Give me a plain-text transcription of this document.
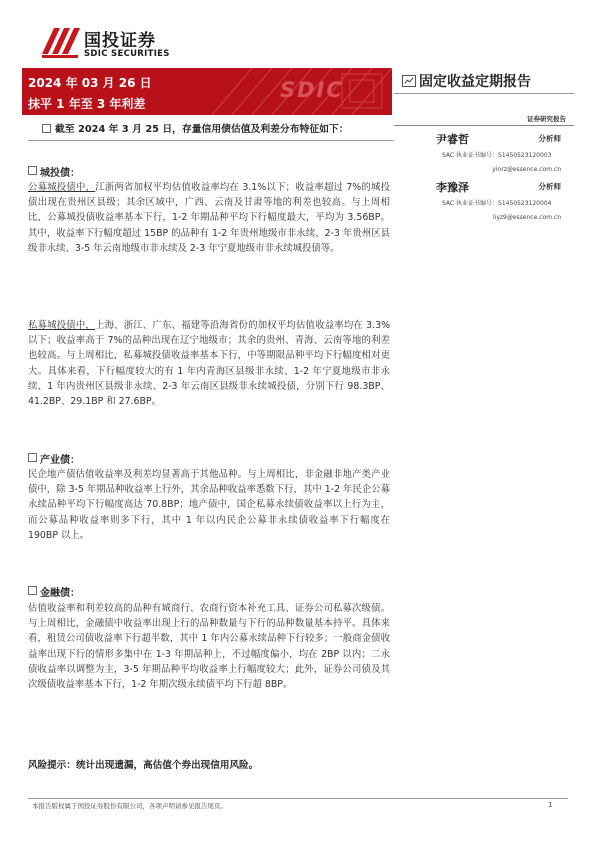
国投证券
SDIC SECURITIES
SDIC
2024 年 03 月 26 日
抹平 1 年至 3 年利差
固定收益定期报告
证券研究报告
尹睿哲	分析师
SAC 执业证书编号：S1450523120003
yinrz@essence.com.cn
李豫泽	分析师
SAC 执业证书编号：S1450523120004
liyz9@essence.com.cn
截至 2024 年 3 月 25 日，存量信用债估值及利差分布特征如下：
城投债：

公募城投债中，江浙两省加权平均估值收益率均在 3.1%以下；收益率超过 7%的城投债出现在贵州区县级；其余区域中，广西、云南及甘肃等地的利差也较高。与上周相比，公募城投债收益率基本下行，1-2 年期品种平均下行幅度最大，平均为 3.56BP。其中，收益率下行幅度超过 15BP 的品种有 1-2 年贵州地级市非永续、2-3 年贵州区县级非永续、3-5 年云南地级市非永续及 2-3 年宁夏地级市非永续城投债等。

私募城投债中，上海、浙江、广东、福建等沿海省份的加权平均估值收益率均在 3.3%以下；收益率高于 7%的品种出现在辽宁地级市；其余的贵州、青海、云南等地的利差也较高。与上周相比，私募城投债收益率基本下行，中等期限品种平均下行幅度相对更大。具体来看，下行幅度较大的有 1 年内青海区县级非永续、1-2 年宁夏地级市非永续、1 年内贵州区县级非永续、2-3 年云南区县级非永续城投债，分别下行 98.3BP、41.2BP、29.1BP 和 27.6BP。

产业债：

民企地产债估值收益率及利差均显著高于其他品种。与上周相比，非金融非地产类产业债中，除 3-5 年期品种收益率上行外，其余品种收益率悉数下行，其中 1-2 年民企公募永续品种平均下行幅度高达 70.8BP；地产债中，国企私募永续债收益率以上行为主，而公募品种收益率则多下行，其中 1 年以内民企公募非永续债收益率下行幅度在 190BP 以上。

金融债：

估值收益率和利差较高的品种有城商行、农商行资本补充工具、证券公司私募次级债。与上周相比，金融债中收益率出现上行的品种数量与下行的品种数量基本持平。具体来看，租赁公司债收益率下行超半数，其中 1 年内公募永续品种下行较多；一般商金债收益率出现下行的情形多集中在 1-3 年期品种上，不过幅度偏小，均在 2BP 以内；二永债收益率以调整为主，3-5 年期品种平均收益率上行幅度较大；此外，证券公司债及其次级债收益率基本下行，1-2 年期次级永续债平均下行超 8BP。

风险提示：统计出现遗漏，高估值个券出现信用风险。
本报告版权属于国投证券股份有限公司，各项声明请参见报告尾页。	1
